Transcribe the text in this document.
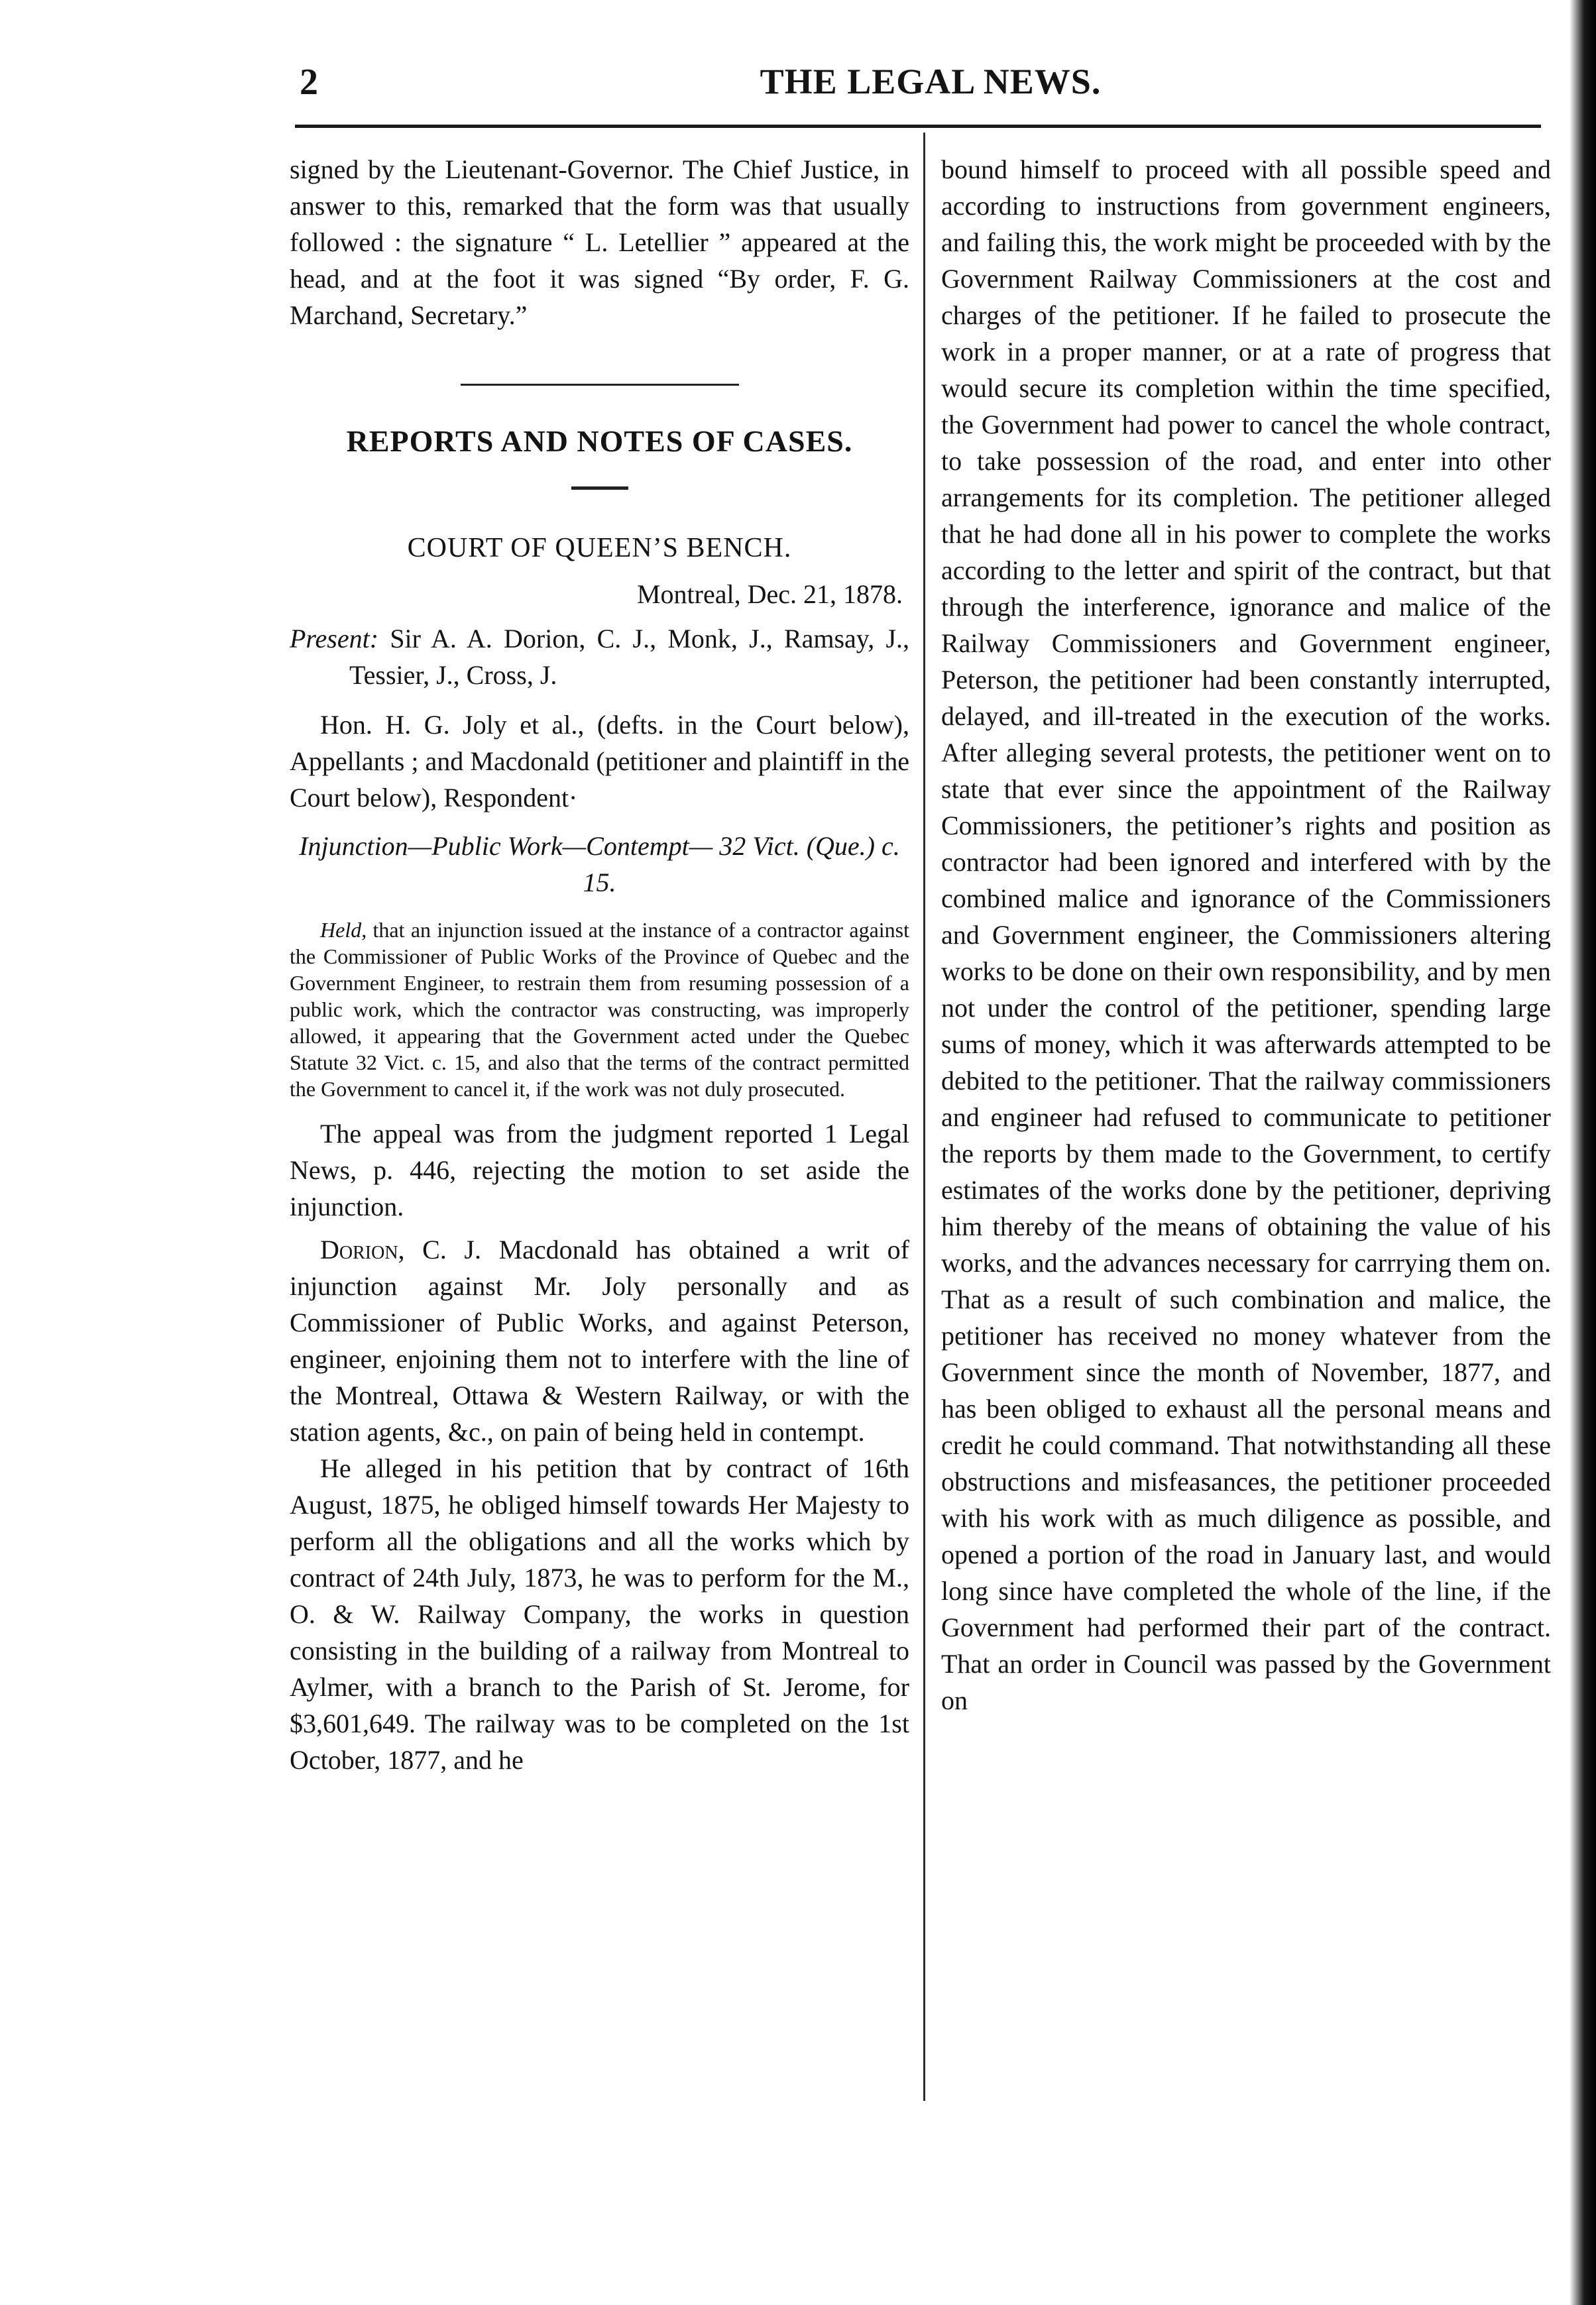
2	THE LEGAL NEWS.

signed by the Lieutenant-Governor. The Chief Justice, in answer to this, remarked that the form was that usually followed : the signature “ L. Letellier ” appeared at the head, and at the foot it was signed “By order, F. G. Marchand, Secretary.”

REPORTS AND NOTES OF CASES.
COURT OF QUEEN’S BENCH.

Montreal, Dec. 21, 1878.

Present: Sir A. A. Dorion, C. J., Monk, J., Ramsay, J., Tessier, J., Cross, J.

Hon. H. G. Joly et al., (defts. in the Court below), Appellants ; and Macdonald (petitioner and plaintiff in the Court below), Respondent·

Injunction—Public Work—Contempt— 32 Vict. (Que.) c. 15.

Held, that an injunction issued at the instance of a contractor against the Commissioner of Public Works of the Province of Quebec and the Government Engineer, to restrain them from resuming possession of a public work, which the contractor was constructing, was improperly allowed, it appearing that the Government acted under the Quebec Statute 32 Vict. c. 15, and also that the terms of the contract permitted the Government to cancel it, if the work was not duly prosecuted.

The appeal was from the judgment reported 1 Legal News, p. 446, rejecting the motion to set aside the injunction.

Dorion, C. J. Macdonald has obtained a writ of injunction against Mr. Joly personally and as Commissioner of Public Works, and against Peterson, engineer, enjoining them not to interfere with the line of the Montreal, Ottawa & Western Railway, or with the station agents, &c., on pain of being held in contempt.

He alleged in his petition that by contract of 16th August, 1875, he obliged himself towards Her Majesty to perform all the obligations and all the works which by contract of 24th July, 1873, he was to perform for the M., O. & W. Railway Company, the works in question consisting in the building of a railway from Montreal to Aylmer, with a branch to the Parish of St. Jerome, for $3,601,649. The railway was to be completed on the 1st October, 1877, and he

bound himself to proceed with all possible speed and according to instructions from government engineers, and failing this, the work might be proceeded with by the Government Railway Commissioners at the cost and charges of the petitioner. If he failed to prosecute the work in a proper manner, or at a rate of progress that would secure its completion within the time specified, the Government had power to cancel the whole contract, to take possession of the road, and enter into other arrangements for its completion. The petitioner alleged that he had done all in his power to complete the works according to the letter and spirit of the contract, but that through the interference, ignorance and malice of the Railway Commissioners and Government engineer, Peterson, the petitioner had been constantly interrupted, delayed, and ill-treated in the execution of the works. After alleging several protests, the petitioner went on to state that ever since the appointment of the Railway Commissioners, the petitioner’s rights and position as contractor had been ignored and interfered with by the combined malice and ignorance of the Commissioners and Government engineer, the Commissioners altering works to be done on their own responsibility, and by men not under the control of the petitioner, spending large sums of money, which it was afterwards attempted to be debited to the petitioner. That the railway commissioners and engineer had refused to communicate to petitioner the reports by them made to the Government, to certify estimates of the works done by the petitioner, depriving him thereby of the means of obtaining the value of his works, and the advances necessary for carrrying them on. That as a result of such combination and malice, the petitioner has received no money whatever from the Government since the month of November, 1877, and has been obliged to exhaust all the personal means and credit he could command. That notwithstanding all these obstructions and misfeasances, the petitioner proceeded with his work with as much diligence as possible, and opened a portion of the road in January last, and would long since have completed the whole of the line, if the Government had performed their part of the contract. That an order in Council was passed by the Government on
